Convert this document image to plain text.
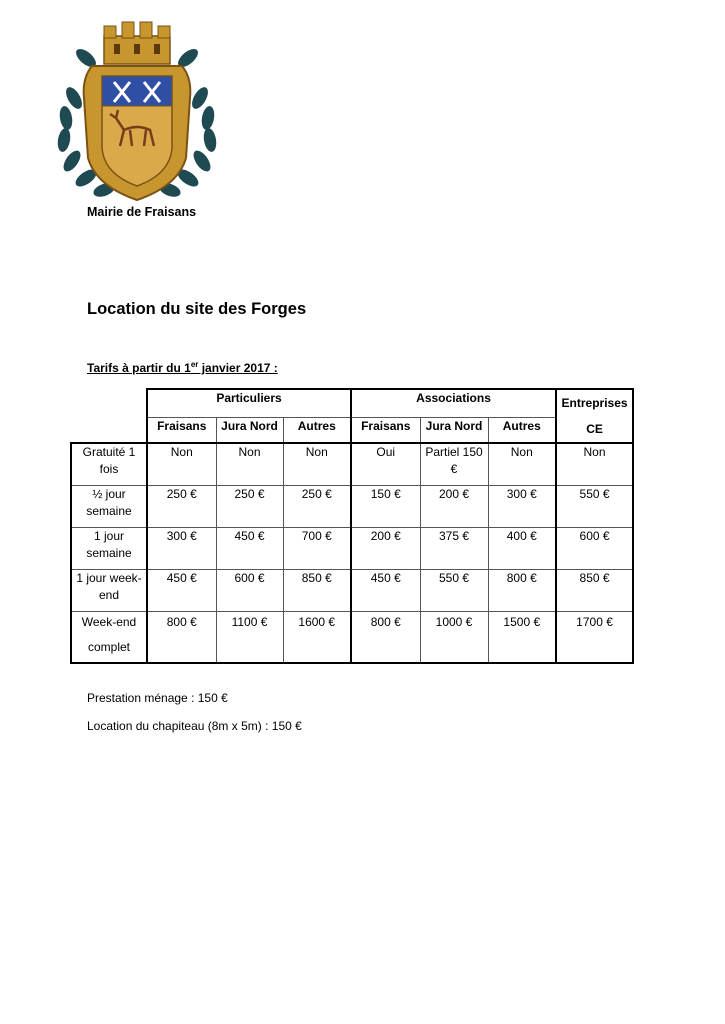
Mairie de Fraisans
Location du site des Forges
Tarifs à partir du 1er janvier 2017 :
	Particuliers			Associations			Entreprises
CE

	Fraisans	Jura Nord	Autres	Fraisans	Jura Nord	Autres	
Gratuité 1 fois	Non	Non	Non	Oui	Partiel 150 €	Non	Non
½ jour semaine	250 €	250 €	250 €	150 €	200 €	300 €	550 €
1 jour semaine	300 €	450 €	700 €	200 €	375 €	400 €	600 €
1 jour week-end	450 €	600 €	850 €	450 €	550 €	800 €	850 €

Week-end
complet	800 €	1100 €	1600 €	800 €	1000 €	1500 €	1700 €
Prestation ménage : 150 €
Location du chapiteau (8m x 5m) : 150 €
